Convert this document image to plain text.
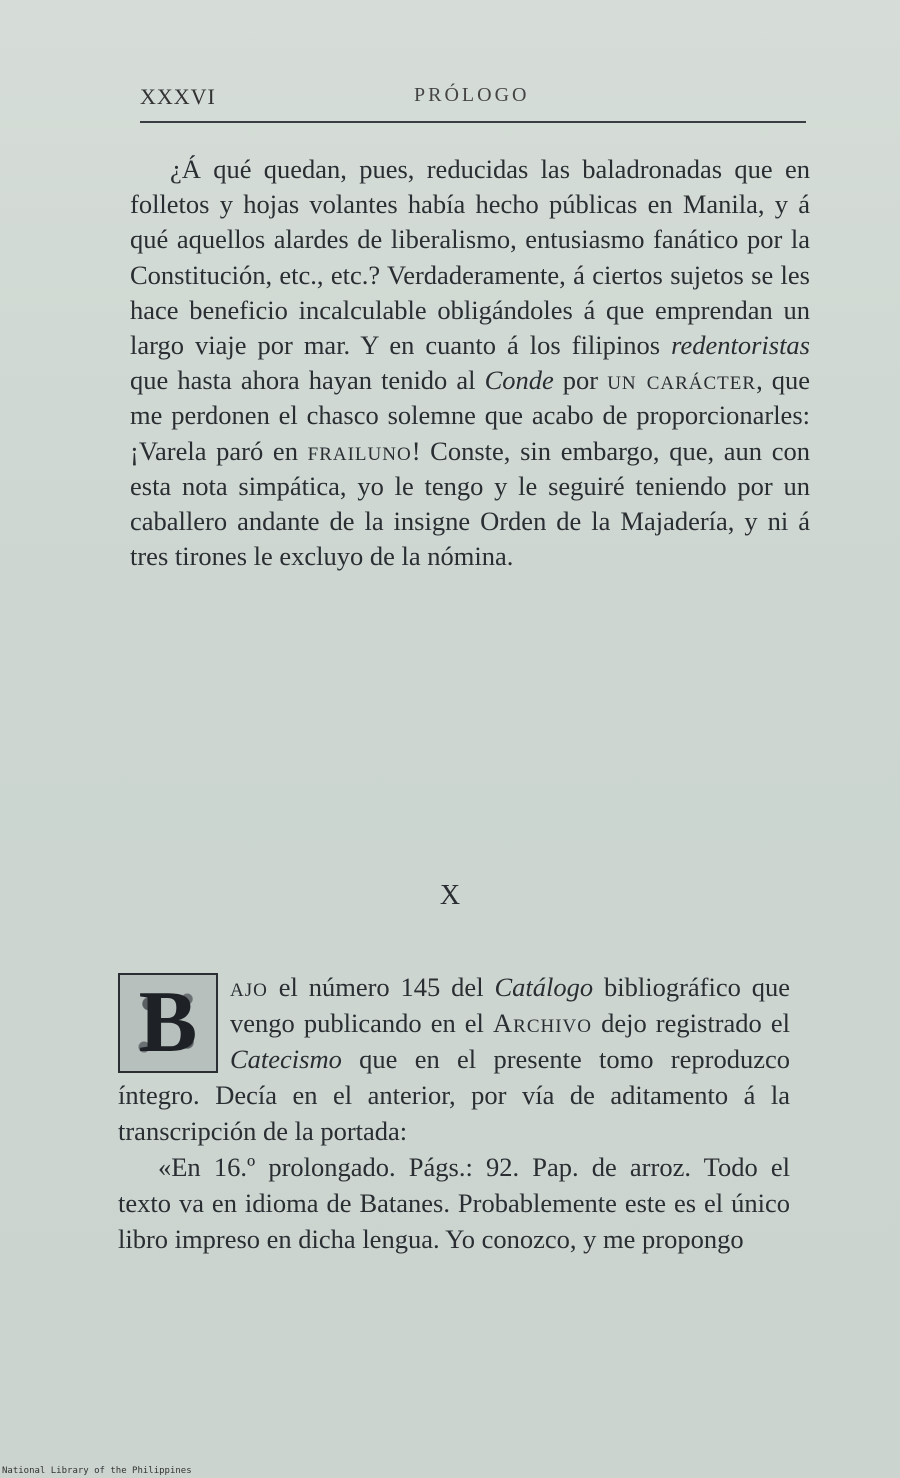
XXXVI	PRÓLOGO

¿Á qué quedan, pues, reducidas las baladronadas que en folletos y hojas volantes había hecho públicas en Manila, y á qué aquellos alardes de liberalismo, entusiasmo fanático por la Constitución, etc., etc.? Verdaderamente, á ciertos sujetos se les hace beneficio incalculable obligándoles á que emprendan un largo viaje por mar. Y en cuanto á los filipinos redentoristas que hasta ahora hayan tenido al Conde por un carácter, que me perdonen el chasco solemne que acabo de proporcionarles: ¡Varela paró en frailuno! Conste, sin embargo, que, aun con esta nota simpática, yo le tengo y le seguiré teniendo por un caballero andante de la insigne Orden de la Majadería, y ni á tres tirones le excluyo de la nómina.

X

B	ajo el número 145 del Catálogo bibliográfico que vengo publicando en el Archivo dejo registrado el Catecismo que en el presente tomo reproduzco íntegro. Decía en el anterior, por vía de aditamento á la transcripción de la portada:

«En 16.º prolongado. Págs.: 92. Pap. de arroz. Todo el texto va en idioma de Batanes. Probablemente este es el único libro impreso en dicha lengua. Yo conozco, y me propongo

National Library of the Philippines
